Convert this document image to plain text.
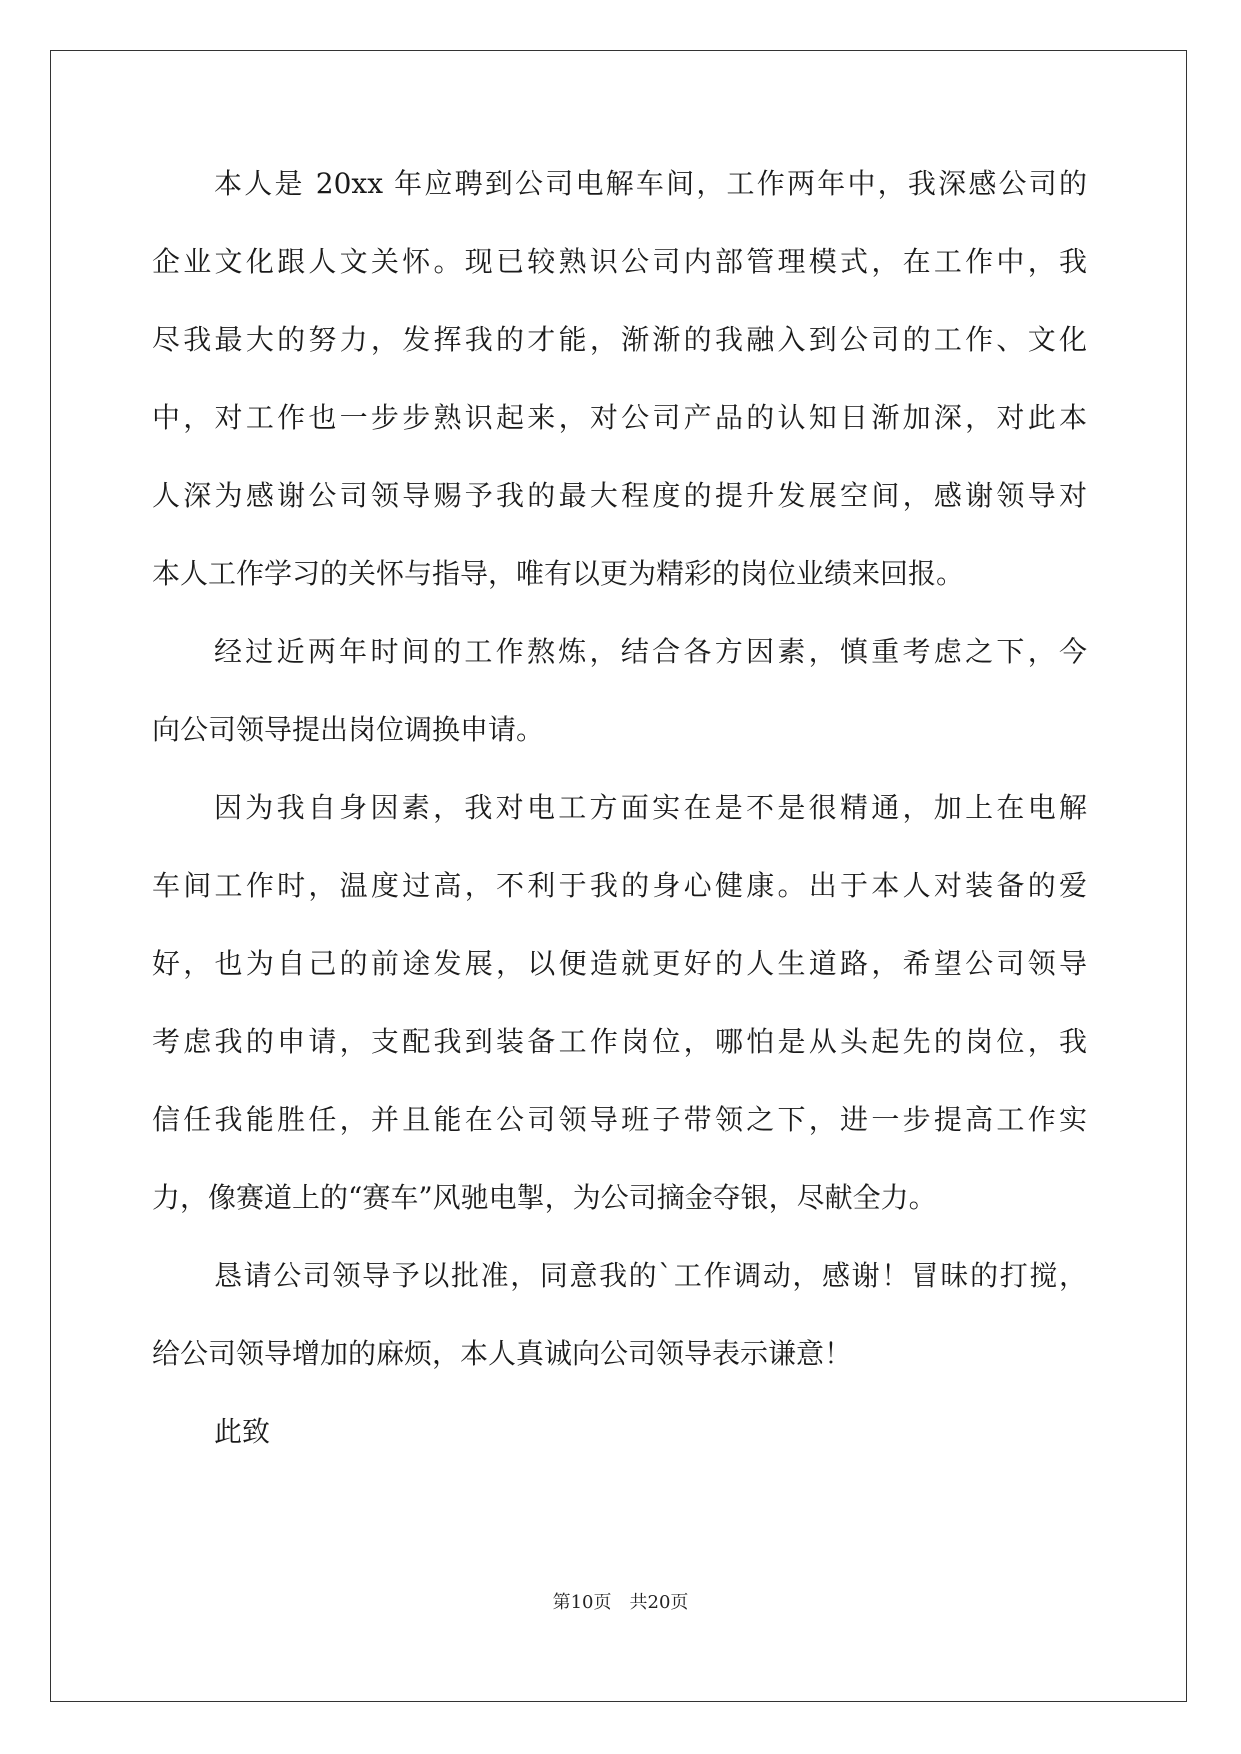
本人是 20xx 年应聘到公司电解车间，工作两年中，我深感公司的
企业文化跟人文关怀。现已较熟识公司内部管理模式，在工作中，我
尽我最大的努力，发挥我的才能，渐渐的我融入到公司的工作、文化
中，对工作也一步步熟识起来，对公司产品的认知日渐加深，对此本
人深为感谢公司领导赐予我的最大程度的提升发展空间，感谢领导对
本人工作学习的关怀与指导，唯有以更为精彩的岗位业绩来回报。
经过近两年时间的工作熬炼，结合各方因素，慎重考虑之下，今
向公司领导提出岗位调换申请。
因为我自身因素，我对电工方面实在是不是很精通，加上在电解
车间工作时，温度过高，不利于我的身心健康。出于本人对装备的爱
好，也为自己的前途发展，以便造就更好的人生道路，希望公司领导
考虑我的申请，支配我到装备工作岗位，哪怕是从头起先的岗位，我
信任我能胜任，并且能在公司领导班子带领之下，进一步提高工作实
力，像赛道上的“赛车”风驰电掣，为公司摘金夺银，尽献全力。
恳请公司领导予以批准，同意我的`工作调动，感谢！冒昧的打搅，
给公司领导增加的麻烦，本人真诚向公司领导表示谦意！
此致
第10页　共20页
